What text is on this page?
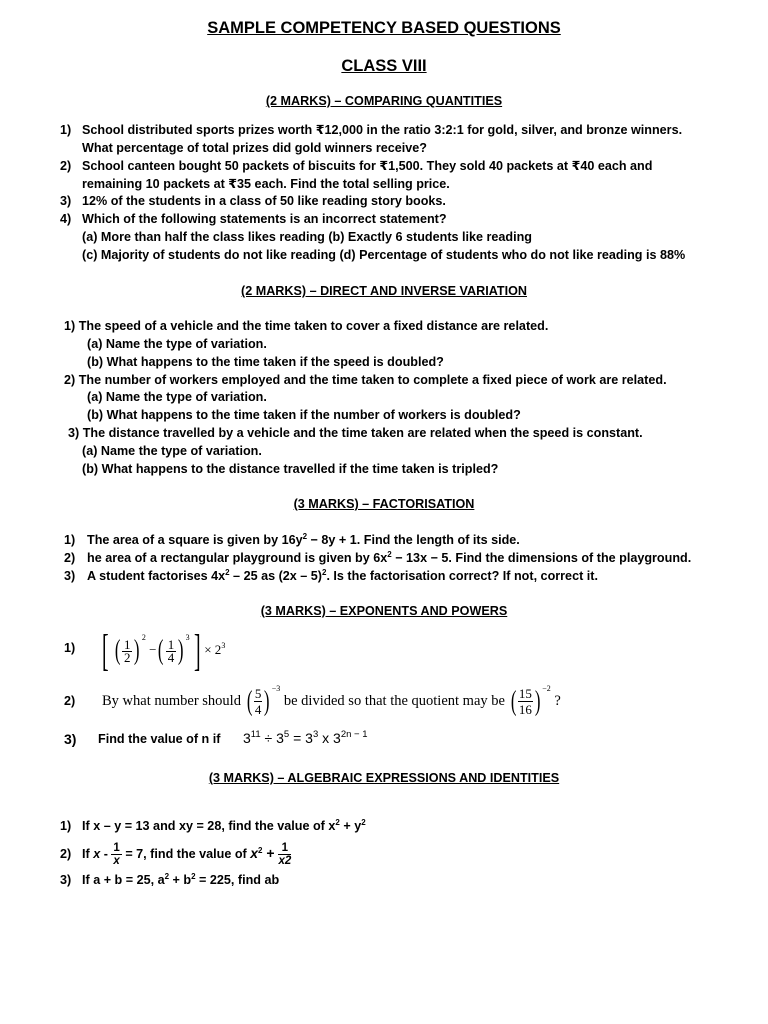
SAMPLE COMPETENCY BASED QUESTIONS
CLASS VIII
(2 MARKS) – COMPARING QUANTITIES
1) School distributed sports prizes worth ₹12,000 in the ratio 3:2:1 for gold, silver, and bronze winners.
What percentage of total prizes did gold winners receive?
2) School canteen bought 50 packets of biscuits for ₹1,500. They sold 40 packets at ₹40 each and
remaining 10 packets at ₹35 each. Find the total selling price.
3) 12% of the students in a class of 50 like reading story books.
4) Which of the following statements is an incorrect statement?
(a) More than half the class likes reading (b) Exactly 6 students like reading
(c) Majority of students do not like reading (d) Percentage of students who do not like reading is 88%
(2 MARKS) – DIRECT AND INVERSE VARIATION
1) The speed of a vehicle and the time taken to cover a fixed distance are related.
(a) Name the type of variation.
(b) What happens to the time taken if the speed is doubled?
2) The number of workers employed and the time taken to complete a fixed piece of work are related.
(a) Name the type of variation.
(b) What happens to the time taken if the number of workers is doubled?
3) The distance travelled by a vehicle and the time taken are related when the speed is constant.
(a) Name the type of variation.
(b) What happens to the distance travelled if the time taken is tripled?
(3 MARKS) – FACTORISATION
1) The area of a square is given by $16y^2 - 8y + 1$. Find the length of its side.
2) he area of a rectangular playground is given by $6x^2 - 13x - 5$. Find the dimensions of the playground.
3) A student factorises $4x^2 - 25$ as (2x – 5)$^2$. Is the factorisation correct? If not, correct it.
(3 MARKS) – EXPONENTS AND POWERS
1) [ ( $\frac{1}{2}$ ) $^2$ −( $\frac{1}{4}$ ) $^3] \times 2^3$
2) By what number should ( $\frac{5}{4}$ ) $^{-3}$ be divided so that the quotient may be ( $\frac{15}{16}$ ) $^{-2}$ ?
3) Find the value of n if $3^{11} \div 3^5 = 3^3$ x $3^{2n - 1}$
(3 MARKS) – ALGEBRAIC EXPRESSIONS AND IDENTITIES
1) If x – y = 13 and xy = 28, find the value of $x^2 + y^2$
2) If $x - \frac{1}{x} = 7$, find the value of $x^2 + \frac{1}{x2}$
3) If a + b = 25, $a^2 + b^2 = 225$, find ab
